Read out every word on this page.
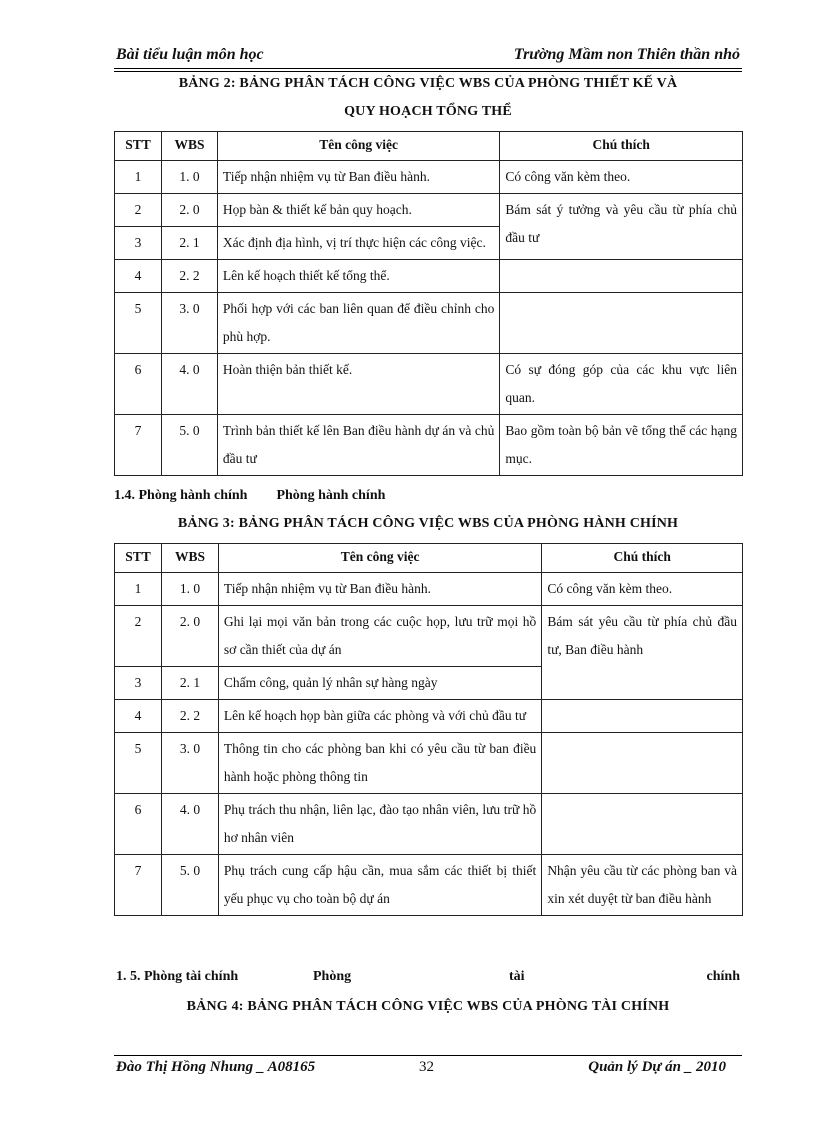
Bài tiểu luận môn học	Trường Mầm non Thiên thần nhỏ
BẢNG 2: BẢNG PHÂN TÁCH CÔNG VIỆC WBS CỦA PHÒNG THIẾT KẾ VÀ
QUY HOẠCH TỔNG THỂ
STT	WBS	Tên công việc	Chú thích
1	1. 0	Tiếp nhận nhiệm vụ từ Ban điều hành.	Có công văn kèm theo.
2	2. 0	Họp bàn & thiết kế bản quy hoạch.	Bám sát ý tưởng và yêu cầu từ phía chủ đầu tư
3	2. 1	Xác định địa hình, vị trí thực hiện các công việc.	
4	2. 2	Lên kế hoạch thiết kế tổng thể.	
5	3. 0	Phối hợp với các ban liên quan để điều chỉnh cho phù hợp.	
6	4. 0	Hoàn thiện bản thiết kế.	Có sự đóng góp của các khu vực liên quan.
7	5. 0	Trình bản thiết kế lên Ban điều hành dự án và chủ đầu tư	Bao gồm toàn bộ bản vẽ tổng thể các hạng mục.
1.4. Phòng hành chính Phòng hành chính
BẢNG 3: BẢNG PHÂN TÁCH CÔNG VIỆC WBS CỦA PHÒNG HÀNH CHÍNH
STT	WBS	Tên công việc	Chú thích
1	1. 0	Tiếp nhận nhiệm vụ từ Ban điều hành.	Có công văn kèm theo.
2	2. 0	Ghi lại mọi văn bản trong các cuộc họp, lưu trữ mọi hồ sơ cần thiết của dự án	Bám sát yêu cầu từ phía chủ đầu tư, Ban điều hành
3	2. 1	Chấm công, quản lý nhân sự hàng ngày	
4	2. 2	Lên kế hoạch họp bàn giữa các phòng và với chủ đầu tư	
5	3. 0	Thông tin cho các phòng ban khi có yêu cầu từ ban điều hành hoặc phòng thông tin	
6	4. 0	Phụ trách thu nhận, liên lạc, đào tạo nhân viên, lưu trữ hồ hơ nhân viên	
7	5. 0	Phụ trách cung cấp hậu cần, mua sắm các thiết bị thiết yếu phục vụ cho toàn bộ dự án	Nhận yêu cầu từ các phòng ban và xin xét duyệt từ ban điều hành
1. 5. Phòng tài chính	Phòng	tài	chính
BẢNG 4: BẢNG PHÂN TÁCH CÔNG VIỆC WBS CỦA PHÒNG TÀI CHÍNH
Đào Thị Hồng Nhung _ A08165	32	Quản lý Dự án _ 2010
